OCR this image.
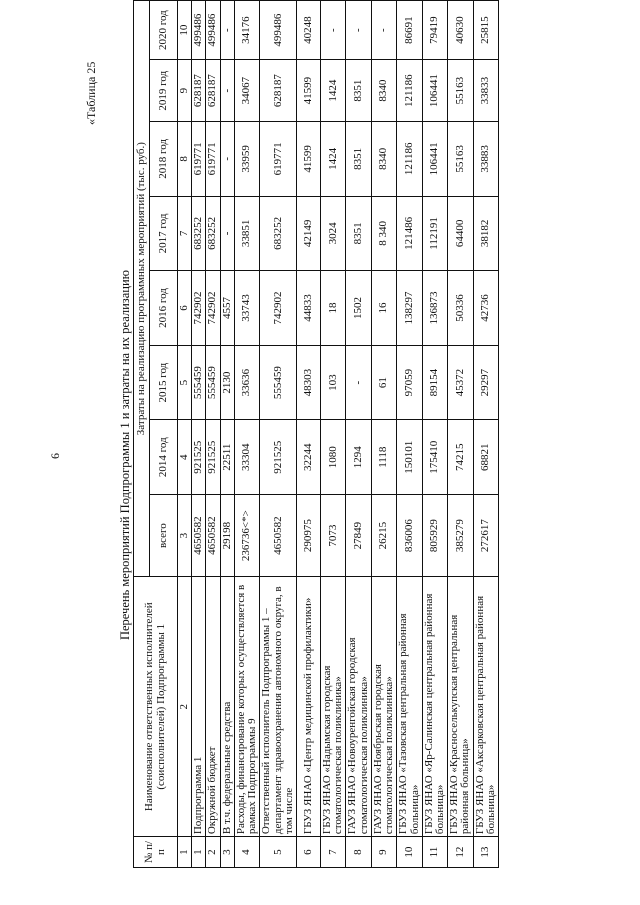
6
«Таблица 25
Перечень мероприятий Подпрограммы 1 и затраты на их реализацию
№ п/п	Наименование ответственных исполнителей (соисполнителей) Подпрограммы 1	Затраты на реализацию программных мероприятий (тыс. руб.)							
		всего	2014 год	2015 год	2016 год	2017 год	2018 год	2019 год	2020 год
1	2	3	4	5	6	7	8	9	10
1	Подпрограмма 1	4650582	921525	555459	742902	683252	619771	628187	499486
2	Окружной бюджет	4650582	921525	555459	742902	683252	619771	628187	499486
3	В т.ч. федеральные средства	29198	22511	2130	4557	-	-	-	-
4	Расходы, финансирование которых осуществляется в рамках Подпрограммы 9	236736<*>	33304	33636	33743	33851	33959	34067	34176
5	Ответственный исполнитель Подпрограммы 1 – департамент здравоохранения автономного округа, в том числе	4650582	921525	555459	742902	683252	619771	628187	499486
6	ГБУЗ ЯНАО «Центр медицинской профилактики»	290975	32244	48303	44833	42149	41599	41599	40248
7	ГБУЗ ЯНАО «Надымская городская стоматологическая поликлиника»	7073	1080	103	18	3024	1424	1424	-
8	ГАУЗ ЯНАО «Новоуренгойская городская стоматологическая поликлиника»	27849	1294	-	1502	8351	8351	8351	-
9	ГАУЗ ЯНАО «Ноябрьская городская стоматологическая поликлиника»	26215	1118	61	16	8 340	8340	8340	-
10	ГБУЗ ЯНАО «Тазовская центральная районная больница»	836006	150101	97059	138297	121486	121186	121186	86691
11	ГБУЗ ЯНАО «Яр-Салинская центральная районная больница»	805929	175410	89154	136873	112191	106441	106441	79419
12	ГБУЗ ЯНАО «Красноселькупская центральная районная больница»	385279	74215	45372	50336	64400	55163	55163	40630
13	ГБУЗ ЯНАО «Аксарковская центральная районная больница»	272617	68821	29297	42736	38182	33883	33833	25815
